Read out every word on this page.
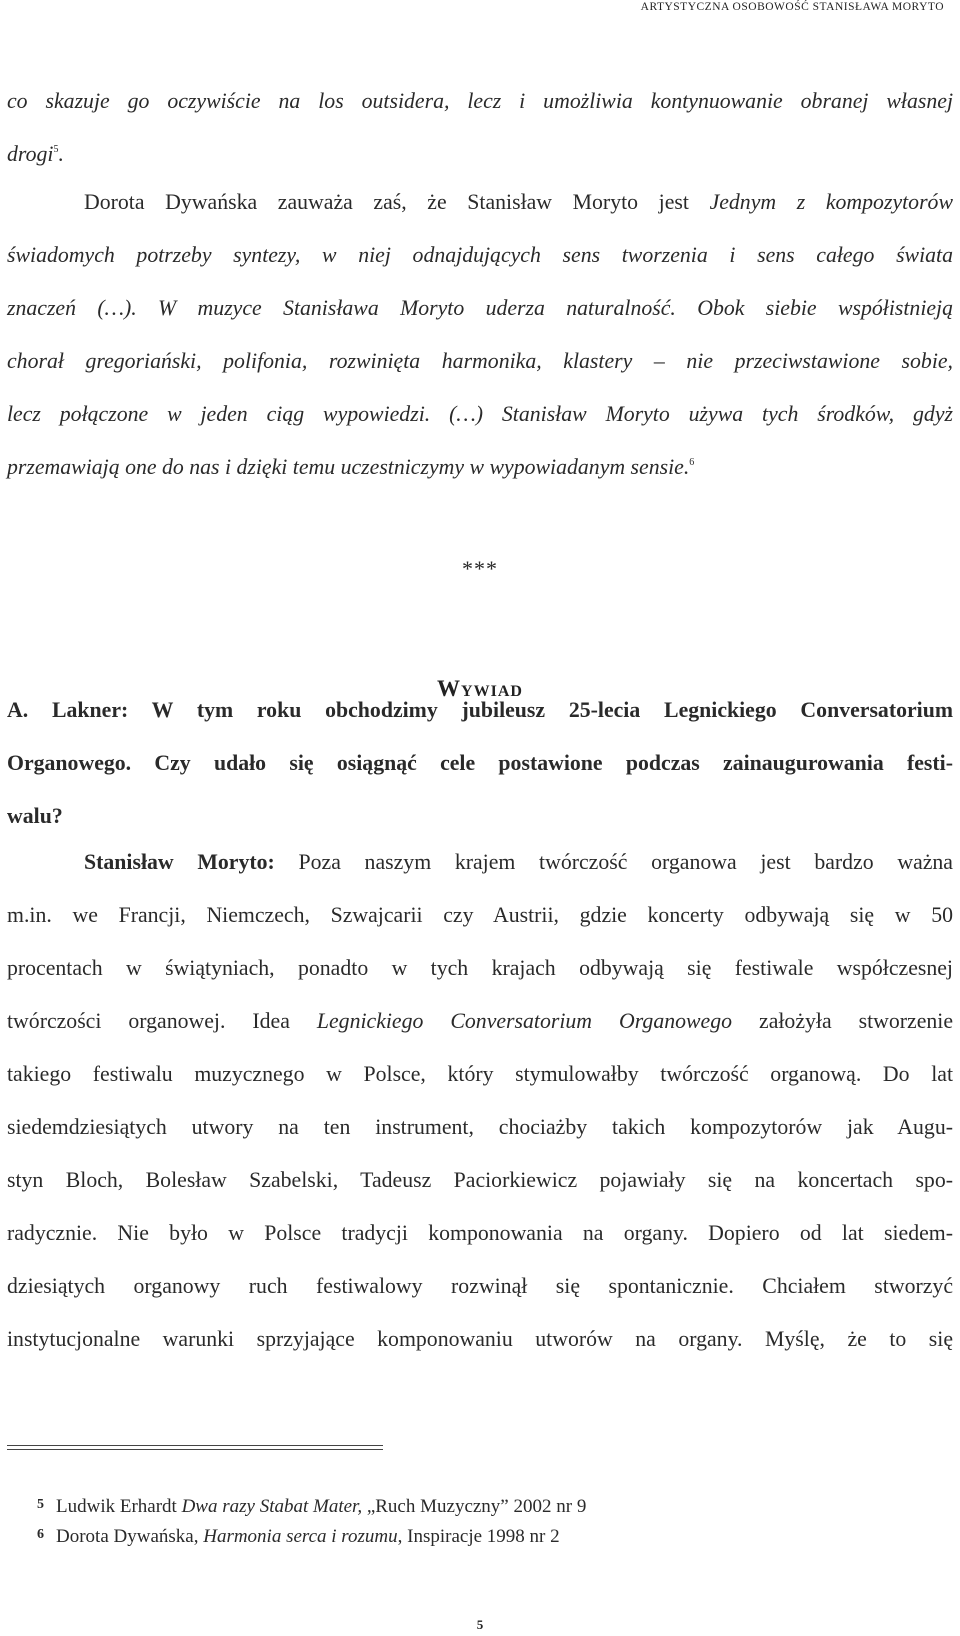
ARTYSTYCZNA OSOBOWOŚĆ STANISŁAWA MORYTO

co skazuje go oczywiście na los outsidera, lecz i umożliwia kontynuowanie obranej własnej
drogi$^5$.

Dorota Dywańska zauważa zaś, że Stanisław Moryto jest Jednym z kompozytorów
świadomych potrzeby syntezy, w niej odnajdujących sens tworzenia i sens całego świata
znaczeń (…). W muzyce Stanisława Moryto uderza naturalność. Obok siebie współistnieją
chorał gregoriański, polifonia, rozwinięta harmonika, klastery – nie przeciwstawione sobie,
lecz połączone w jeden ciąg wypowiedzi. (…) Stanisław Moryto używa tych środków, gdyż
przemawiają one do nas i dzięki temu uczestniczymy w wypowiadanym sensie.$^6$

***
Wywiad

A. Lakner: W tym roku obchodzimy jubileusz 25-lecia Legnickiego Conversatorium
Organowego. Czy udało się osiągnąć cele postawione podczas zainaugurowania festi-
walu?

Stanisław Moryto: Poza naszym krajem twórczość organowa jest bardzo ważna
m.in. we Francji, Niemczech, Szwajcarii czy Austrii, gdzie koncerty odbywają się w 50
procentach w świątyniach, ponadto w tych krajach odbywają się festiwale współczesnej
twórczości organowej. Idea Legnickiego Conversatorium Organowego założyła stworzenie
takiego festiwalu muzycznego w Polsce, który stymulowałby twórczość organową. Do lat
siedemdziesiątych utwory na ten instrument, chociażby takich kompozytorów jak Augu-
styn Bloch, Bolesław Szabelski, Tadeusz Paciorkiewicz pojawiały się na koncertach spo-
radycznie. Nie było w Polsce tradycji komponowania na organy. Dopiero od lat siedem-
dziesiątych organowy ruch festiwalowy rozwinął się spontanicznie. Chciałem stworzyć
instytucjonalne warunki sprzyjające komponowaniu utworów na organy. Myślę, że to się

$^5$ Ludwik Erhardt Dwa razy Stabat Mater, „Ruch Muzyczny” 2002 nr 9
$^6$ Dorota Dywańska, Harmonia serca i rozumu, Inspiracje 1998 nr 2
5
